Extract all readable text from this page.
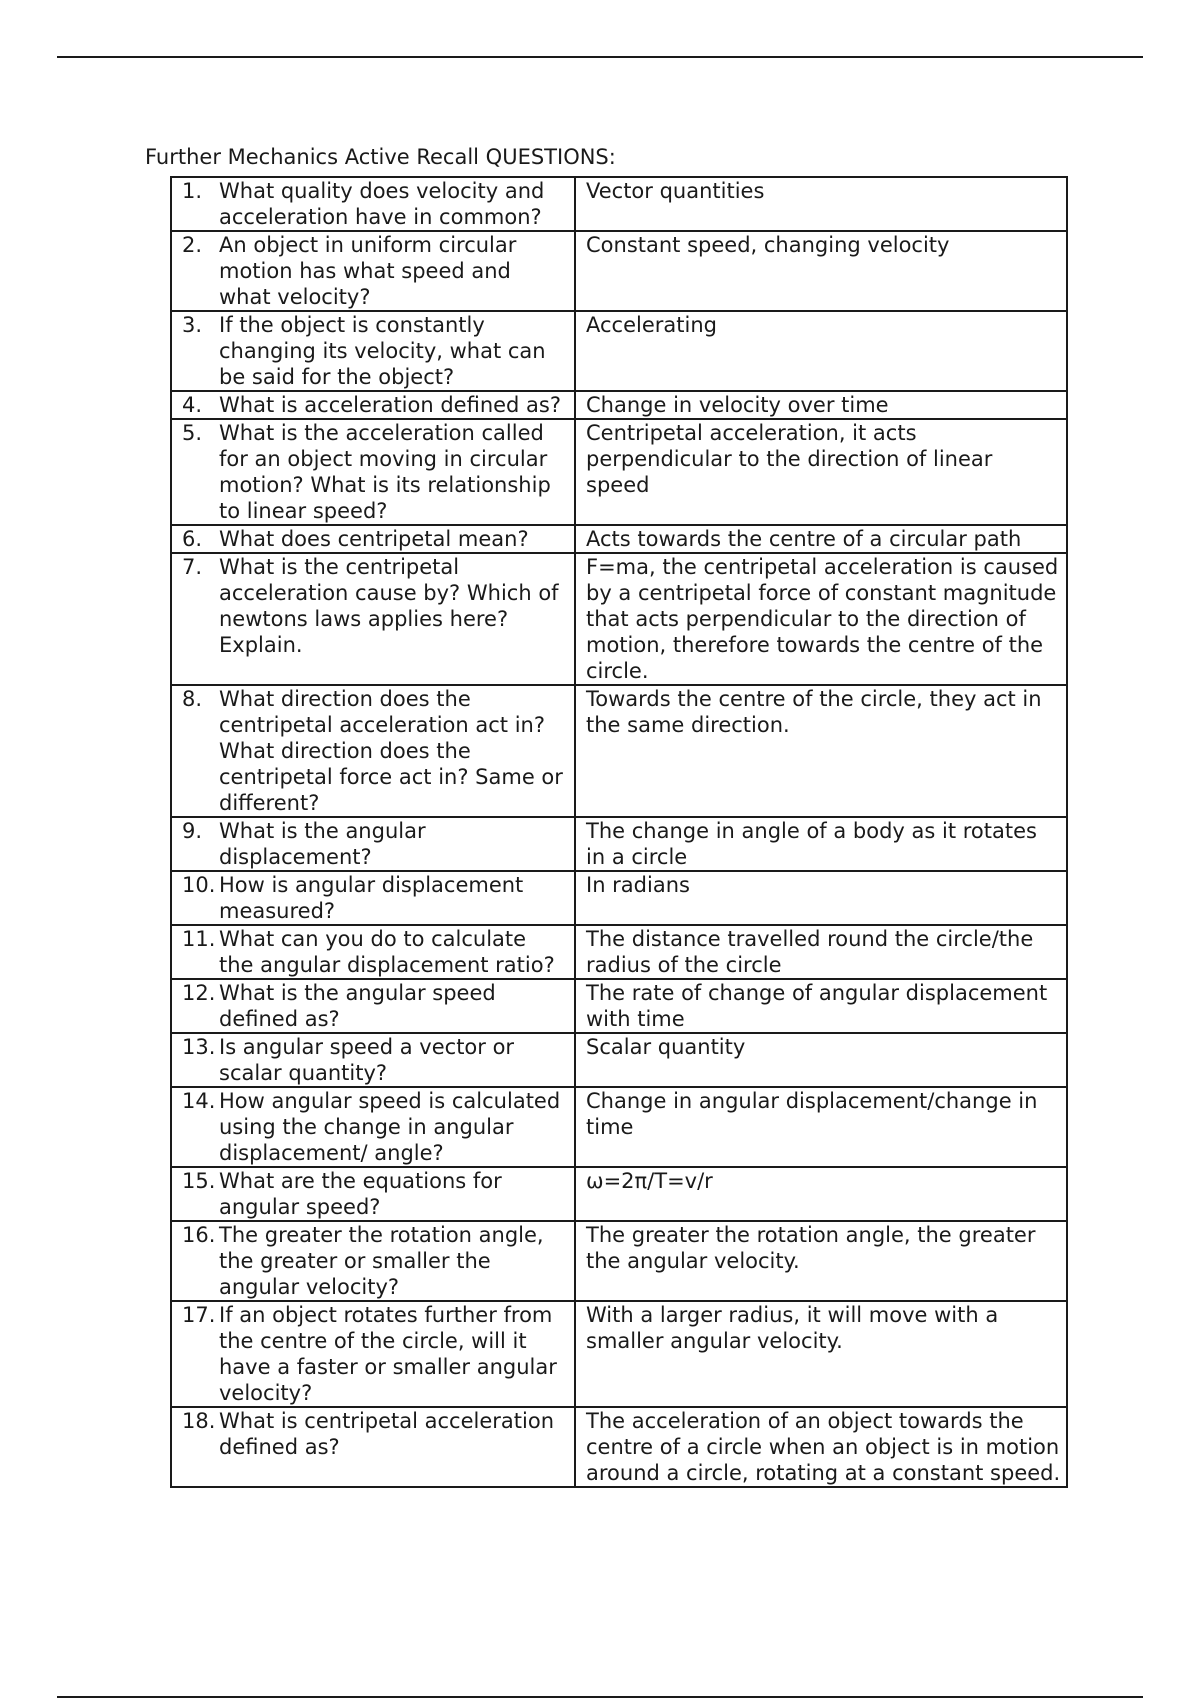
Further Mechanics Active Recall QUESTIONS:
1. What quality does velocity and acceleration have in common?	Vector quantities

2. An object in uniform circular motion has what speed and what velocity?	Constant speed, changing velocity

3. If the object is constantly changing its velocity, what can be said for the object?	Accelerating

4. What is acceleration defined as?	Change in velocity over time

5. What is the acceleration called for an object moving in circular motion? What is its relationship to linear speed?	Centripetal acceleration, it acts perpendicular to the direction of linear speed

6. What does centripetal mean?	Acts towards the centre of a circular path

7. What is the centripetal acceleration cause by? Which of newtons laws applies here? Explain.	F=ma, the centripetal acceleration is caused by a centripetal force of constant magnitude that acts perpendicular to the direction of motion, therefore towards the centre of the circle.

8. What direction does the centripetal acceleration act in? What direction does the centripetal force act in? Same or different?	Towards the centre of the circle, they act in the same direction.

9. What is the angular displacement?	The change in angle of a body as it rotates in a circle

10. How is angular displacement measured?	In radians

11. What can you do to calculate the angular displacement ratio?	The distance travelled round the circle/the radius of the circle

12. What is the angular speed defined as?	The rate of change of angular displacement with time

13. Is angular speed a vector or scalar quantity?	Scalar quantity

14. How angular speed is calculated using the change in angular displacement/ angle?	Change in angular displacement/change in time

15. What are the equations for angular speed?	ω=2π/T=v/r

16. The greater the rotation angle, the greater or smaller the angular velocity?	The greater the rotation angle, the greater the angular velocity.

17. If an object rotates further from the centre of the circle, will it have a faster or smaller angular velocity?	With a larger radius, it will move with a smaller angular velocity.

18. What is centripetal acceleration defined as?	The acceleration of an object towards the centre of a circle when an object is in motion around a circle, rotating at a constant speed.
